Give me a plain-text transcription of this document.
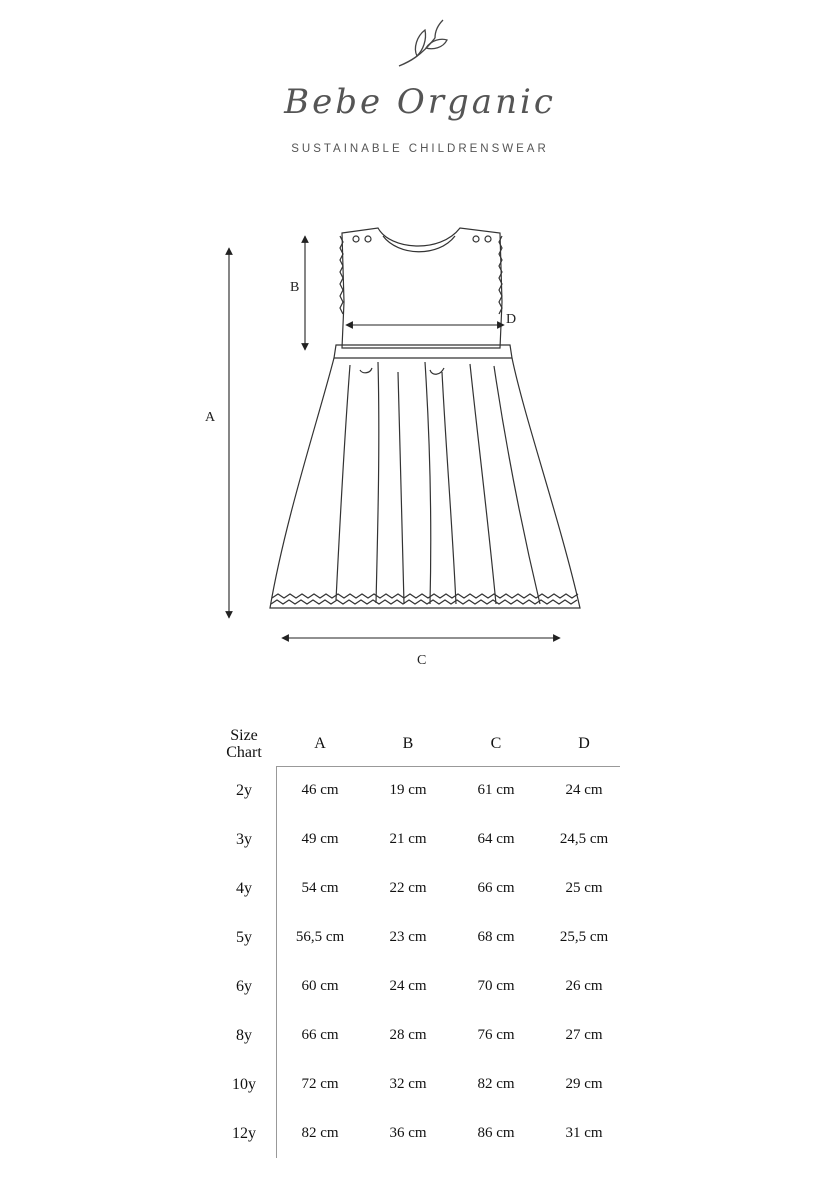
Bebe Organic
SUSTAINABLE CHILDRENSWEAR
A
B
C
D
Size
Chart	A	B	C	D
2y	46 cm	19 cm	61 cm	24 cm
3y	49 cm	21 cm	64 cm	24,5 cm
4y	54 cm	22 cm	66 cm	25 cm
5y	56,5 cm	23 cm	68 cm	25,5 cm
6y	60 cm	24 cm	70 cm	26 cm
8y	66 cm	28 cm	76 cm	27 cm
10y	72 cm	32 cm	82 cm	29 cm
12y	82 cm	36 cm	86 cm	31 cm
